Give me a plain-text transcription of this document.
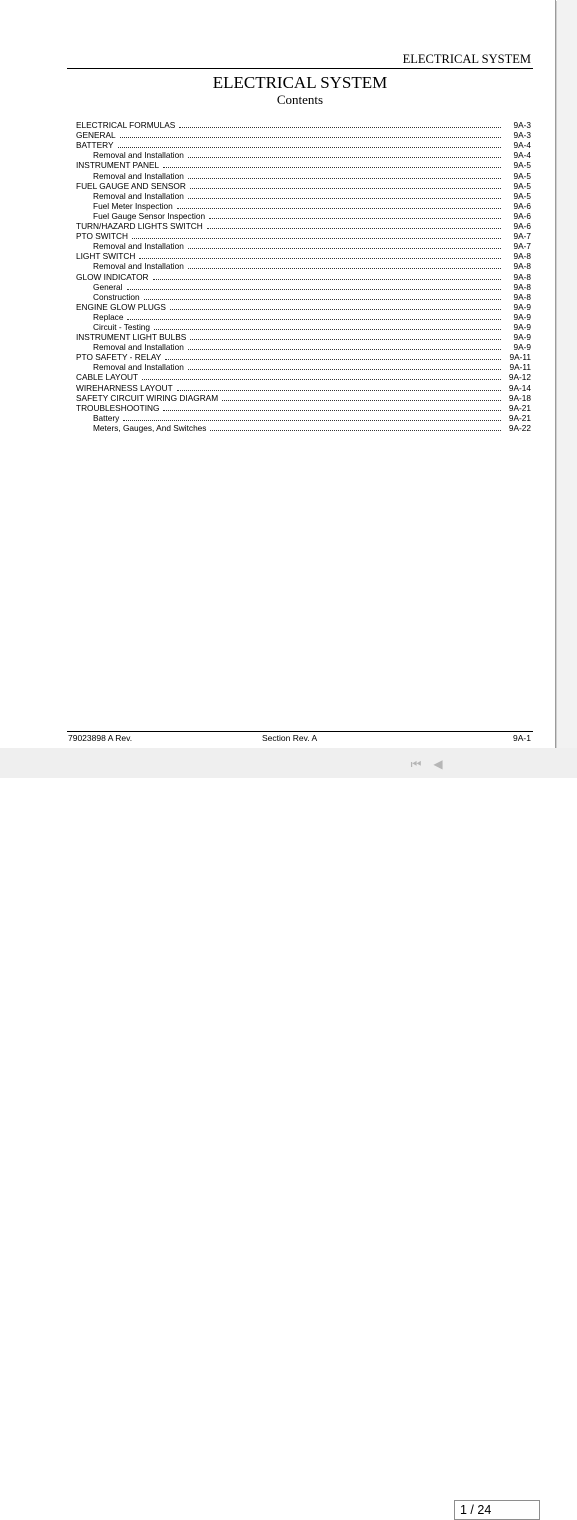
ELECTRICAL SYSTEM
ELECTRICAL SYSTEM
Contents
ELECTRICAL FORMULAS	9A-3
GENERAL	9A-3
BATTERY	9A-4
Removal and Installation	9A-4
INSTRUMENT PANEL	9A-5
Removal and Installation	9A-5
FUEL GAUGE AND SENSOR	9A-5
Removal and Installation	9A-5
Fuel Meter Inspection	9A-6
Fuel Gauge Sensor Inspection	9A-6
TURN/HAZARD LIGHTS SWITCH	9A-6
PTO SWITCH	9A-7
Removal and Installation	9A-7
LIGHT SWITCH	9A-8
Removal and Installation	9A-8
GLOW INDICATOR	9A-8
General	9A-8
Construction	9A-8
ENGINE GLOW PLUGS	9A-9
Replace	9A-9
Circuit - Testing	9A-9
INSTRUMENT LIGHT BULBS	9A-9
Removal and Installation	9A-9
PTO SAFETY - RELAY	9A-11
Removal and Installation	9A-11
CABLE LAYOUT	9A-12
WIREHARNESS LAYOUT	9A-14
SAFETY CIRCUIT WIRING DIAGRAM	9A-18
TROUBLESHOOTING	9A-21
Battery	9A-21
Meters, Gauges, And Switches	9A-22
79023898 A Rev.	Section Rev. A	9A-1
⏮ ◀
1 / 24
